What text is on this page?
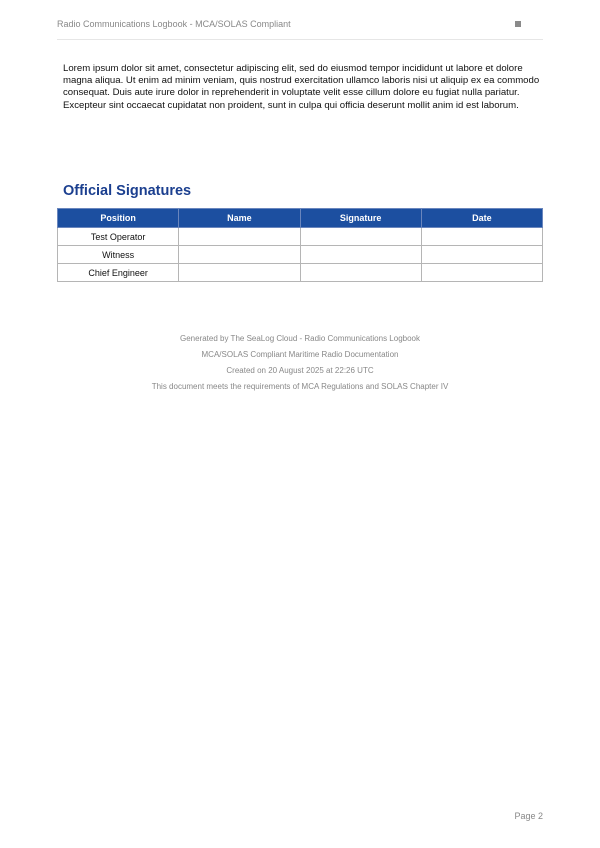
Radio Communications Logbook - MCA/SOLAS Compliant
Lorem ipsum dolor sit amet, consectetur adipiscing elit, sed do eiusmod tempor incididunt ut labore et dolore magna aliqua. Ut enim ad minim veniam, quis nostrud exercitation ullamco laboris nisi ut aliquip ex ea commodo consequat. Duis aute irure dolor in reprehenderit in voluptate velit esse cillum dolore eu fugiat nulla pariatur. Excepteur sint occaecat cupidatat non proident, sunt in culpa qui officia deserunt mollit anim id est laborum.
Official Signatures
Position	Name	Signature	Date
Test Operator			
Witness			
Chief Engineer			
Generated by The SeaLog Cloud - Radio Communications Logbook
MCA/SOLAS Compliant Maritime Radio Documentation
Created on 20 August 2025 at 22:26 UTC
This document meets the requirements of MCA Regulations and SOLAS Chapter IV
Page 2
